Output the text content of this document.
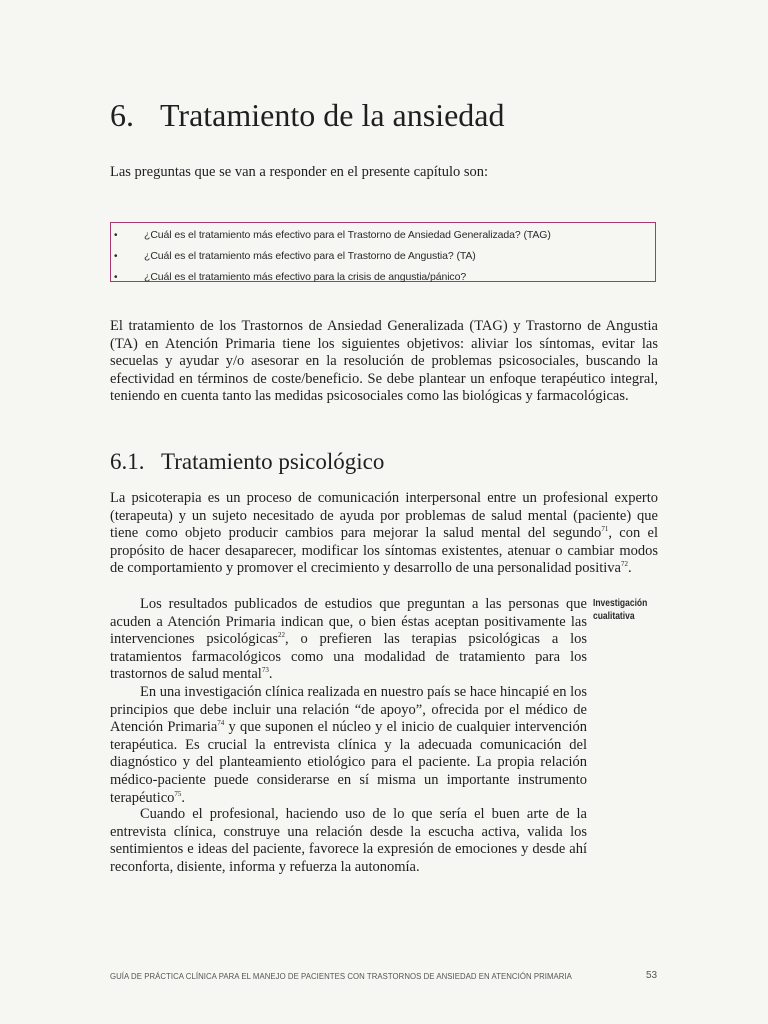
6. Tratamiento de la ansiedad

Las preguntas que se van a responder en el presente capítulo son:

•	¿Cuál es el tratamiento más efectivo para el Trastorno de Ansiedad Generalizada? (TAG)
•	¿Cuál es el tratamiento más efectivo para el Trastorno de Angustia? (TA)
•	¿Cuál es el tratamiento más efectivo para la crisis de angustia/pánico?

El tratamiento de los Trastornos de Ansiedad Generalizada (TAG) y Trastorno de Angustia (TA) en Atención Primaria tiene los siguientes objetivos: aliviar los síntomas, evitar las secuelas y ayudar y/o asesorar en la resolución de problemas psicosociales, buscando la efectividad en términos de coste/beneficio. Se debe plantear un enfoque terapéutico integral, teniendo en cuenta tanto las medidas psicosociales como las biológicas y farmacológicas.

6.1. Tratamiento psicológico

La psicoterapia es un proceso de comunicación interpersonal entre un profesional experto (terapeuta) y un sujeto necesitado de ayuda por problemas de salud mental (paciente) que tiene como objeto producir cambios para mejorar la salud mental del segundo$^{71}$, con el propósito de hacer desaparecer, modificar los síntomas existentes, atenuar o cambiar modos de comportamiento y promover el crecimiento y desarrollo de una personalidad positiva$^{72}$.

Los resultados publicados de estudios que preguntan a las personas que acuden a Atención Primaria indican que, o bien éstas aceptan positivamente las intervenciones psicológicas$^{22}$, o prefieren las terapias psicológicas a los tratamientos farmacológicos como una modalidad de tratamiento para los trastornos de salud mental$^{73}$.

Investigación cualitativa

En una investigación clínica realizada en nuestro país se hace hincapié en los principios que debe incluir una relación “de apoyo”, ofrecida por el médico de Atención Primaria$^{74}$ y que suponen el núcleo y el inicio de cualquier intervención terapéutica. Es crucial la entrevista clínica y la adecuada comunicación del diagnóstico y del planteamiento etiológico para el paciente. La propia relación médico-paciente puede considerarse en sí misma un importante instrumento terapéutico$^{75}$.

Cuando el profesional, haciendo uso de lo que sería el buen arte de la entrevista clínica, construye una relación desde la escucha activa, valida los sentimientos e ideas del paciente, favorece la expresión de emociones y desde ahí reconforta, disiente, informa y refuerza la autonomía.

GUÍA DE PRÁCTICA CLÍNICA PARA EL MANEJO DE PACIENTES CON TRASTORNOS DE ANSIEDAD EN ATENCIÓN PRIMARIA	53
